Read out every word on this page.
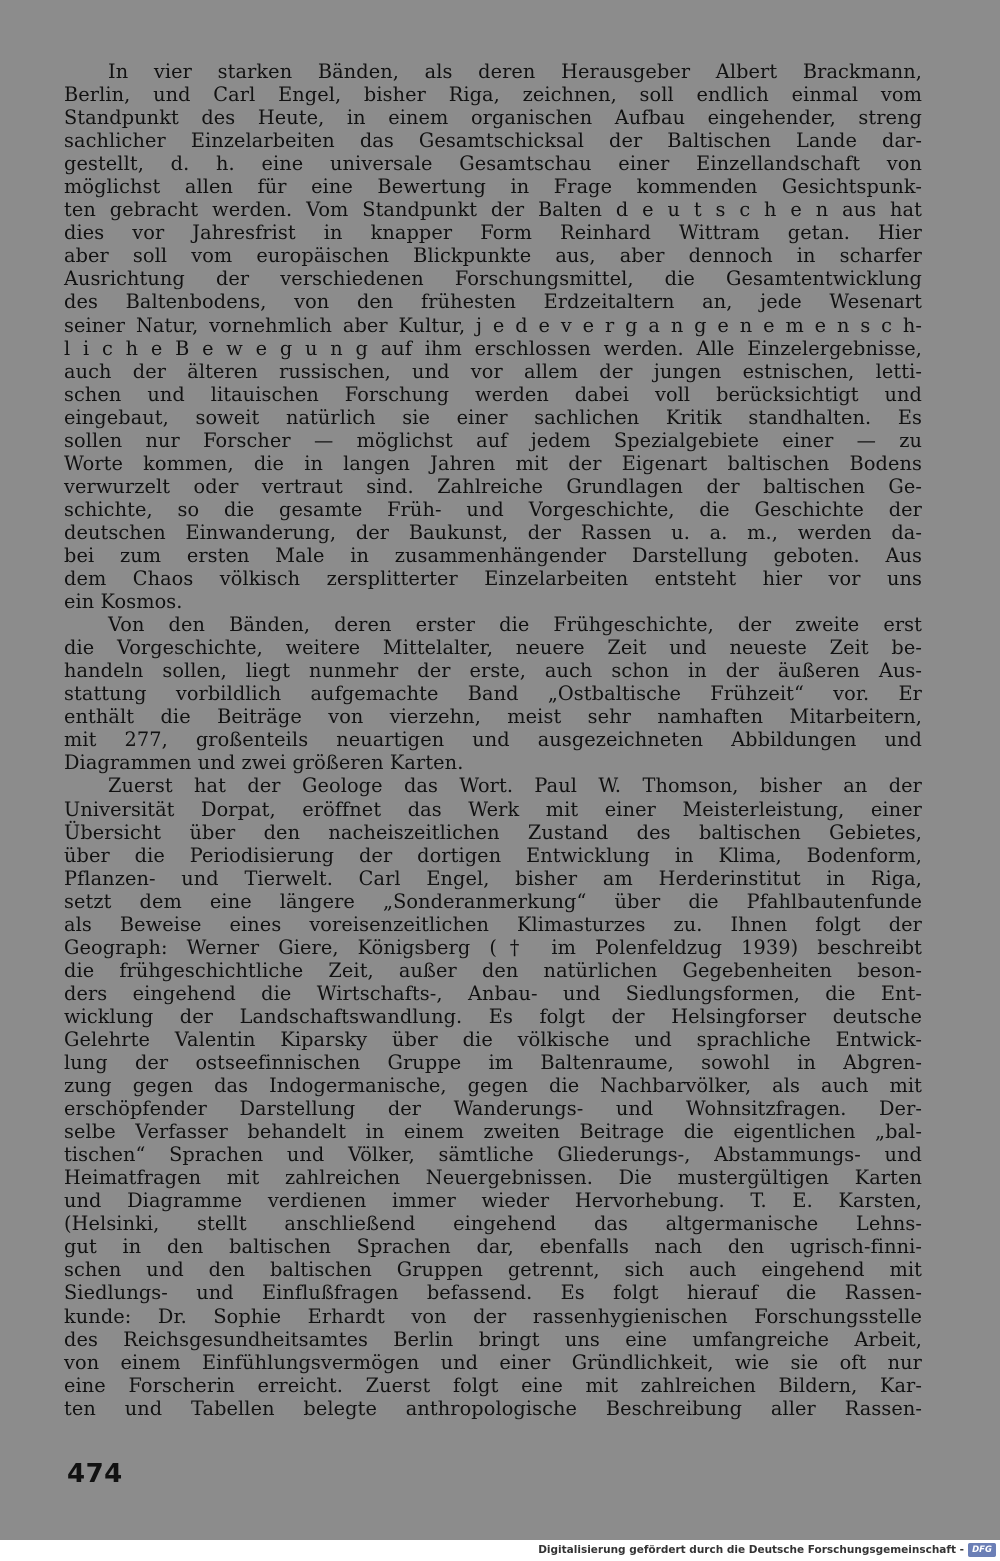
In vier starken Bänden, als deren Herausgeber Albert Brackmann,
Berlin, und Carl Engel, bisher Riga, zeichnen, soll endlich einmal vom
Standpunkt des Heute, in einem organischen Aufbau eingehender, streng
sachlicher Einzelarbeiten das Gesamtschicksal der Baltischen Lande dar-
gestellt, d. h. eine universale Gesamtschau einer Einzellandschaft von
möglichst allen für eine Bewertung in Frage kommenden Gesichtspunk-
ten gebracht werden. Vom Standpunkt der Balten d e u t s c h e n aus hat
dies vor Jahresfrist in knapper Form Reinhard Wittram getan. Hier
aber soll vom europäischen Blickpunkte aus, aber dennoch in scharfer
Ausrichtung der verschiedenen Forschungsmittel, die Gesamtentwicklung
des Baltenbodens, von den frühesten Erdzeitaltern an, jede Wesenart
seiner Natur, vornehmlich aber Kultur, j e d e v e r g a n g e n e m e n s c h-
l i c h e B e w e g u n g auf ihm erschlossen werden. Alle Einzelergebnisse,
auch der älteren russischen, und vor allem der jungen estnischen, letti-
schen und litauischen Forschung werden dabei voll berücksichtigt und
eingebaut, soweit natürlich sie einer sachlichen Kritik standhalten. Es
sollen nur Forscher — möglichst auf jedem Spezialgebiete einer — zu
Worte kommen, die in langen Jahren mit der Eigenart baltischen Bodens
verwurzelt oder vertraut sind. Zahlreiche Grundlagen der baltischen Ge-
schichte, so die gesamte Früh- und Vorgeschichte, die Geschichte der
deutschen Einwanderung, der Baukunst, der Rassen u. a. m., werden da-
bei zum ersten Male in zusammenhängender Darstellung geboten. Aus
dem Chaos völkisch zersplitterter Einzelarbeiten entsteht hier vor uns
ein Kosmos.
Von den Bänden, deren erster die Frühgeschichte, der zweite erst
die Vorgeschichte, weitere Mittelalter, neuere Zeit und neueste Zeit be-
handeln sollen, liegt nunmehr der erste, auch schon in der äußeren Aus-
stattung vorbildlich aufgemachte Band „Ostbaltische Frühzeit“ vor. Er
enthält die Beiträge von vierzehn, meist sehr namhaften Mitarbeitern,
mit 277, großenteils neuartigen und ausgezeichneten Abbildungen und
Diagrammen und zwei größeren Karten.
Zuerst hat der Geologe das Wort. Paul W. Thomson, bisher an der
Universität Dorpat, eröffnet das Werk mit einer Meisterleistung, einer
Übersicht über den nacheiszeitlichen Zustand des baltischen Gebietes,
über die Periodisierung der dortigen Entwicklung in Klima, Bodenform,
Pflanzen- und Tierwelt. Carl Engel, bisher am Herderinstitut in Riga,
setzt dem eine längere „Sonderanmerkung“ über die Pfahlbautenfunde
als Beweise eines voreisenzeitlichen Klimasturzes zu. Ihnen folgt der
Geograph: Werner Giere, Königsberg († im Polenfeldzug 1939) beschreibt
die frühgeschichtliche Zeit, außer den natürlichen Gegebenheiten beson-
ders eingehend die Wirtschafts-, Anbau- und Siedlungsformen, die Ent-
wicklung der Landschaftswandlung. Es folgt der Helsingforser deutsche
Gelehrte Valentin Kiparsky über die völkische und sprachliche Entwick-
lung der ostseefinnischen Gruppe im Baltenraume, sowohl in Abgren-
zung gegen das Indogermanische, gegen die Nachbarvölker, als auch mit
erschöpfender Darstellung der Wanderungs- und Wohnsitzfragen. Der-
selbe Verfasser behandelt in einem zweiten Beitrage die eigentlichen „bal-
tischen“ Sprachen und Völker, sämtliche Gliederungs-, Abstammungs- und
Heimatfragen mit zahlreichen Neuergebnissen. Die mustergültigen Karten
und Diagramme verdienen immer wieder Hervorhebung. T. E. Karsten,
(Helsinki, stellt anschließend eingehend das altgermanische Lehns-
gut in den baltischen Sprachen dar, ebenfalls nach den ugrisch-finni-
schen und den baltischen Gruppen getrennt, sich auch eingehend mit
Siedlungs- und Einflußfragen befassend. Es folgt hierauf die Rassen-
kunde: Dr. Sophie Erhardt von der rassenhygienischen Forschungsstelle
des Reichsgesundheitsamtes Berlin bringt uns eine umfangreiche Arbeit,
von einem Einfühlungsvermögen und einer Gründlichkeit, wie sie oft nur
eine Forscherin erreicht. Zuerst folgt eine mit zahlreichen Bildern, Kar-
ten und Tabellen belegte anthropologische Beschreibung aller Rassen-
474
Digitalisierung gefördert durch die Deutsche Forschungsgemeinschaft - DFG
